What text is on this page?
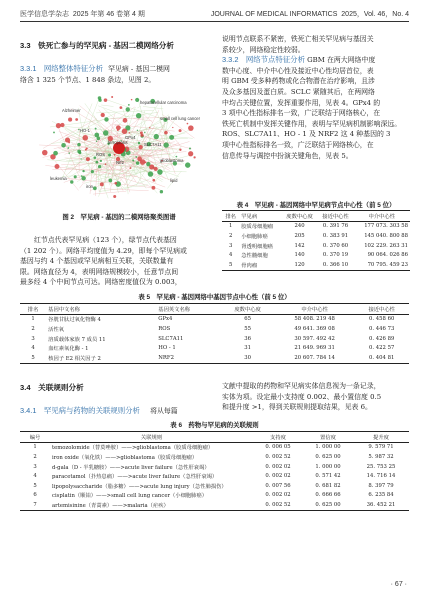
医学信息学杂志 2025 年第 46 卷第 4 期	JOURNAL OF MEDICAL INFORMATICS 2025，Vol. 46，No. 4
3.3　铁死亡参与的罕见病 - 基因二模网络分析
3.3.1　网络整体特征分析 罕见病 - 基因二模网
络含 1 325 个节点、1 848 条边，见图 2。
ferroptosis
glioblastoma
hepatocellular carcinoma
small cell lung cancer
leukemia
Alzheimer
GPx4
ROS
Nrf2
SLC7A11
HO-1
iron
lipid
图 2　罕见病 - 基因的二模网络聚类图谱
红节点代表罕见病（123 个），绿节点代表基因
（1 202 个）。网络平均度值为 4.29，即每个罕见病或
基因与约 4 个基因或罕见病相互关联，关联数量有
限。网络直径为 4，表明网络规模较小，任意节点间
最多经 4 个中间节点可达。网络密度值仅为 0.003，
说明节点联系不紧密，铁死亡相关罕见病与基因关
系较少，网络稳定性较弱。
3.3.2　网络节点特征分析 GBM 在两大网络中度
数中心度、中介中心性及接近中心性均居首位，表
明 GBM 受多种药物或化合物潜在治疗影响，且涉
及众多基因及蛋白质。SCLC 紧随其后，在两网络
中均占关键位置，发挥重要作用，见表 4。GPx4 的
3 项中心性指标排名一致，广泛联结于网络核心，在
铁死亡机制中发挥关键作用，表明与罕见病机制影响深远。
ROS、SLC7A11、HO - 1 及 NRF2 这 4 种基因的 3
项中心性指标排名一致，广泛联结于网络核心，在
信息传导与调控中扮演关键角色，见表 5。
表 4　罕见病 - 基因网络中罕见病节点中心性（前 5 位）
排名	罕见病	度数中心度	接近中心性	中介中心性
1	胶质母细胞瘤	240	0. 391 76	177 073. 303 58
2	小细胞肺癌	205	0. 383 91	145 040. 800 88
3	肾透明细胞癌	142	0. 370 60	102 229. 263 31
4	急性髓细胞	140	0. 370 19	90 064. 026 86
5	骨肉瘤	120	0. 366 10	70 795. 459 23
表 5　罕见病 - 基因网络中基因节点中心性（前 5 位）
排名	基因中文名称	基因英文名称	度数中心度	中介中心性	接近中心性
1	谷胱甘肽过氧化物酶 4	GPx4	65	58 408. 219 48	0. 458 60
2	活性氧	ROS	55	49 641. 369 08	0. 446 73
3	溶质载体家族 7 成员 11	SLC7A11	36	30 597. 492 42	0. 426 89
4	血红素氧化酶 - 1	HO - 1	31	21 649. 969 31	0. 422 57
5	核因子 E2 相关因子 2	NRF2	30	20 607. 784 14	0. 404 81
3.4　关联规则分析
3.4.1　罕见病与药物的关联规则分析 将从每篇
文献中提取的药物和罕见病实体信息视为一条记录，
实体为项。设定最小支持度 0.002、最小置信度 0.5
和提升度 >1，得到关联规则提取结果，见表 6。
表 6　药物与罕见病的关联规则
编号	关联规则	支持度	置信度	提升度
1	temozolomide（替莫唑胺）——>glioblastoma（胶质母细胞瘤）	0. 006 05	1. 000 00	9. 579 71
2	iron oxide（氧化铁）——>glioblastoma（胶质母细胞瘤）	0. 002 52	0. 625 00	5. 987 32
3	d-gala（D - 半乳糖胺）——>acute liver failure（急性肝衰竭）	0. 002 02	1. 000 00	25. 753 25
4	paracetamol（扑热息痛）——>acute liver failure（急性肝衰竭）	0. 002 02	0. 571 42	14. 716 14
5	lipopolysaccharide（脂多糖）——>acute lung injury（急性肺损伤）	0. 007 56	0. 681 82	8. 397 79
6	cisplatin（顺铂）——>small cell lung cancer（小细胞肺癌）	0. 002 02	0. 666 66	6. 235 84
7	artemisinine（青蒿素）——>malaria（疟疾）	0. 002 52	0. 625 00	36. 452 21
· 67 ·
